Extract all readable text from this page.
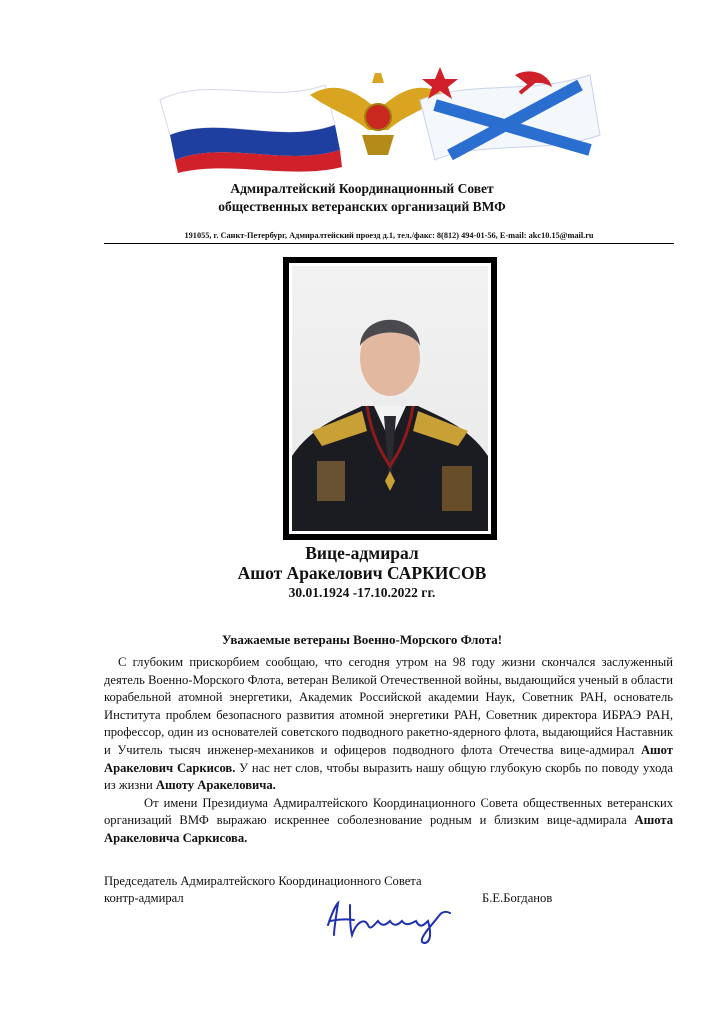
Адмиралтейский Координационный Совет
общественных ветеранских организаций ВМФ
191055, г. Санкт-Петербург, Адмиралтейский проезд д.1, тел./факс: 8(812) 494-01-56, E-mail: akc10.15@mail.ru
Вице-адмирал
Ашот Аракелович САРКИСОВ
30.01.1924 -17.10.2022 гг.
Уважаемые ветераны Военно-Морского Флота!

С глубоким прискорбием сообщаю, что сегодня утром на 98 году жизни скончался заслуженный деятель Военно-Морского Флота, ветеран Великой Отечественной войны, выдающийся ученый в области корабельной атомной энергетики, Академик Российской академии Наук, Советник РАН, основатель Института проблем безопасного развития атомной энергетики РАН, Советник директора ИБРАЭ РАН, профессор, один из основателей советского подводного ракетно-ядерного флота, выдающийся Наставник и Учитель тысяч инженер-механиков и офицеров подводного флота Отечества вице-адмирал Ашот Аракелович Саркисов. У нас нет слов, чтобы выразить нашу общую глубокую скорбь по поводу ухода из жизни Ашоту Аракеловича.

От имени Президиума Адмиралтейского Координационного Совета общественных ветеранских организаций ВМФ выражаю искреннее соболезнование родным и близким вице-адмирала Ашота Аракеловича Саркисова.

Председатель Адмиралтейского Координационного Совета
контр-адмирал	Б.Е.Богданов
